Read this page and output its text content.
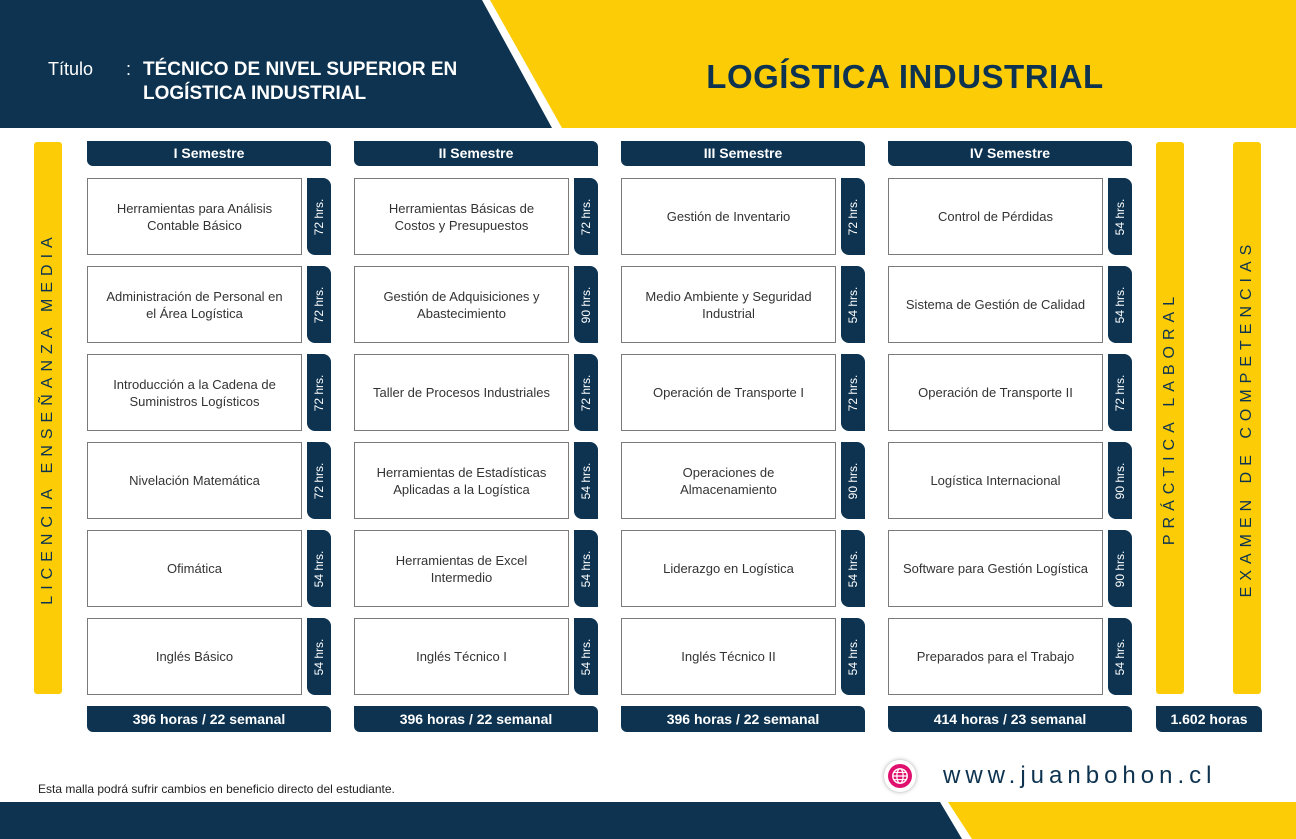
Título : TÉCNICO DE NIVEL SUPERIOR EN LOGÍSTICA INDUSTRIAL	LOGÍSTICA INDUSTRIAL
LICENCIA ENSEÑANZA MEDIA	PRÁCTICA LABORAL	EXAMEN DE COMPETENCIAS
I Semestre
Herramientas para Análisis Contable Básico	72 hrs.
Administración de Personal en el Área Logística	72 hrs.
Introducción a la Cadena de Suministros Logísticos	72 hrs.
Nivelación Matemática	72 hrs.
Ofimática	54 hrs.
Inglés Básico	54 hrs.
396 horas / 22 semanal
II Semestre
Herramientas Básicas de Costos y Presupuestos	72 hrs.
Gestión de Adquisiciones y Abastecimiento	90 hrs.
Taller de Procesos Industriales 72 hrs.
Herramientas de Estadísticas Aplicadas a la Logística	54 hrs.
Herramientas de Excel Intermedio	54 hrs.
Inglés Técnico I	54 hrs.
396 horas / 22 semanal
III Semestre
Gestión de Inventario	72 hrs.
Medio Ambiente y Seguridad Industrial	54 hrs.
Operación de Transporte I	72 hrs.
Operaciones de Almacenamiento	90 hrs.
Liderazgo en Logística	54 hrs.
Inglés Técnico II	54 hrs.
396 horas / 22 semanal
IV Semestre
Control de Pérdidas	54 hrs.
Sistema de Gestión de Calidad 54 hrs.
Operación de Transporte II	72 hrs.
Logística Internacional	90 hrs.
Software para Gestión Logística 90 hrs.
Preparados para el Trabajo	54 hrs.
414 horas / 23 semanal	1.602 horas
Esta malla podrá sufrir cambios en beneficio directo del estudiante.	www.juanbohon.cl
